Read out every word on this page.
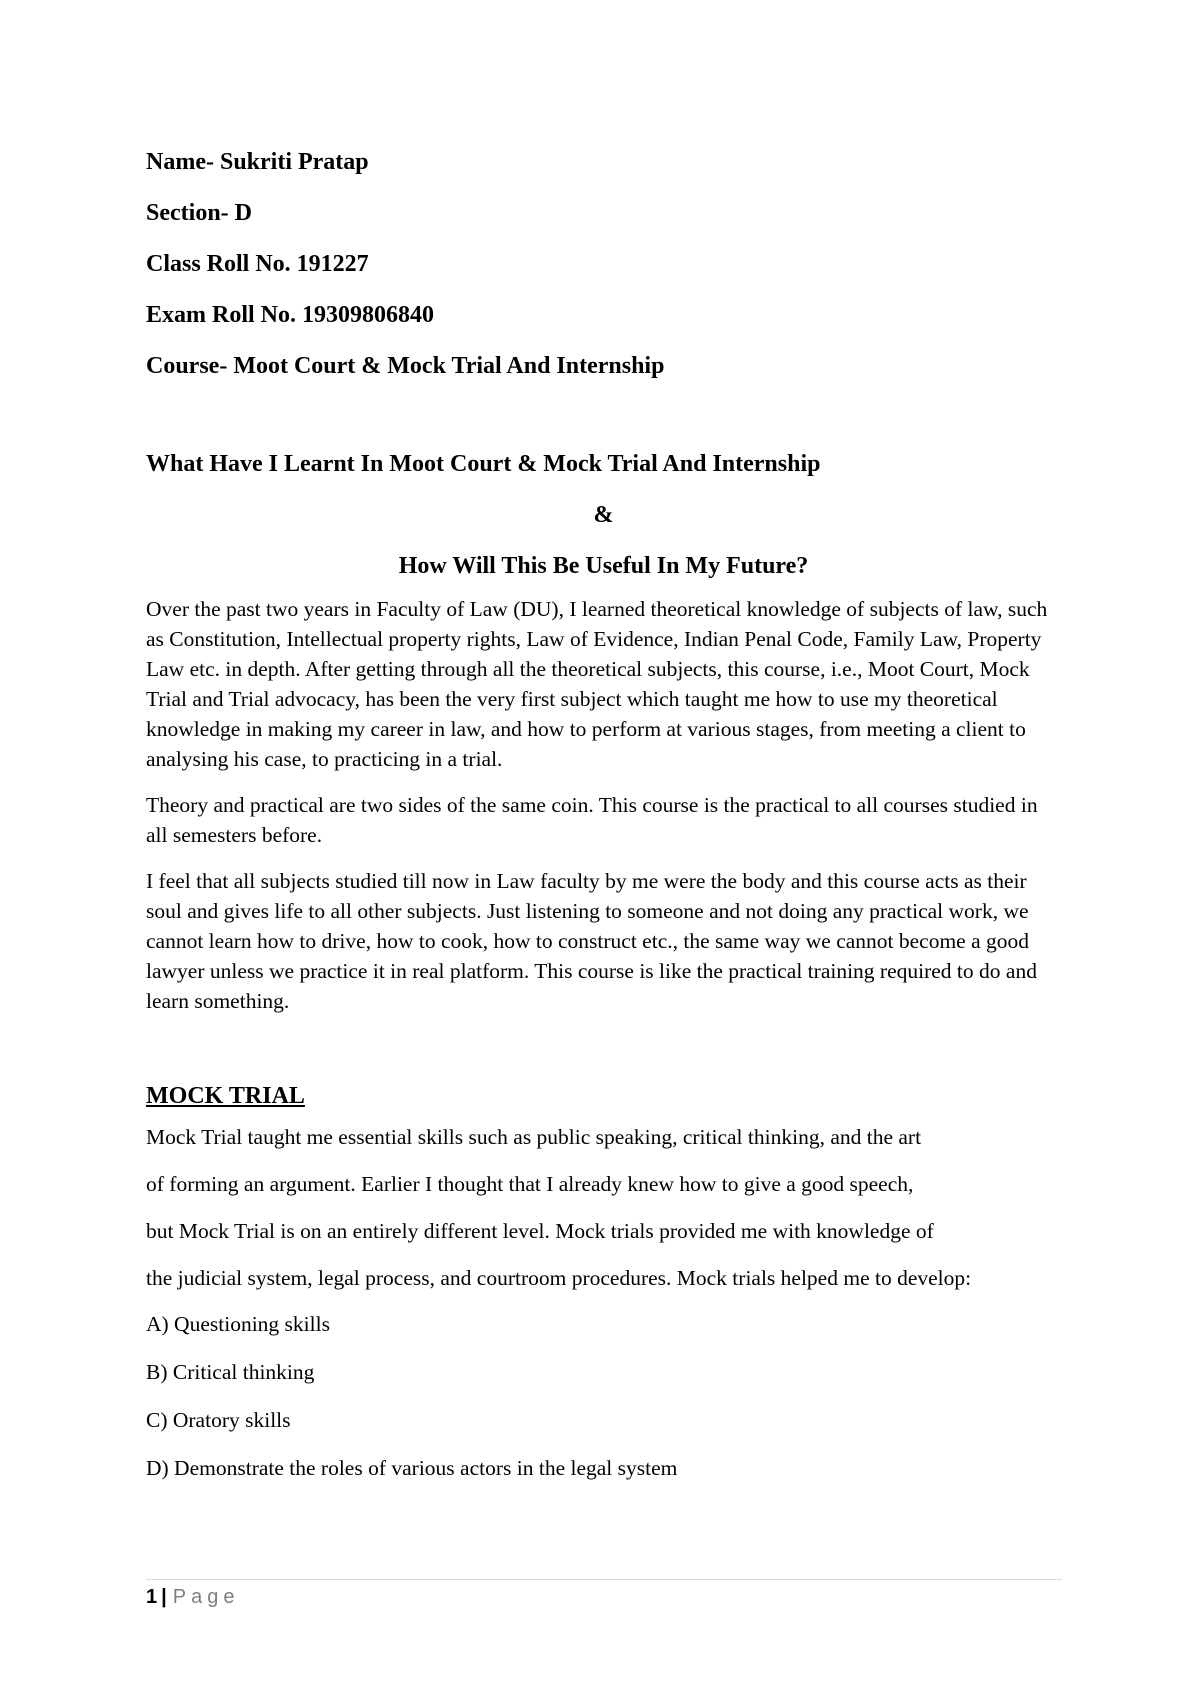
Name- Sukriti Pratap
Section- D
Class Roll No. 191227
Exam Roll No. 19309806840
Course- Moot Court & Mock Trial And Internship
What Have I Learnt In Moot Court & Mock Trial And Internship
&
How Will This Be Useful In My Future?

Over the past two years in Faculty of Law (DU), I learned theoretical knowledge of subjects of law, such as Constitution, Intellectual property rights, Law of Evidence, Indian Penal Code, Family Law, Property Law etc. in depth. After getting through all the theoretical subjects, this course, i.e., Moot Court, Mock Trial and Trial advocacy, has been the very first subject which taught me how to use my theoretical knowledge in making my career in law, and how to perform at various stages, from meeting a client to analysing his case, to practicing in a trial.

Theory and practical are two sides of the same coin. This course is the practical to all courses studied in all semesters before.

I feel that all subjects studied till now in Law faculty by me were the body and this course acts as their soul and gives life to all other subjects. Just listening to someone and not doing any practical work, we cannot learn how to drive, how to cook, how to construct etc., the same way we cannot become a good lawyer unless we practice it in real platform. This course is like the practical training required to do and learn something.

MOCK TRIAL
Mock Trial taught me essential skills such as public speaking, critical thinking, and the art
of forming an argument. Earlier I thought that I already knew how to give a good speech,
but Mock Trial is on an entirely different level. Mock trials provided me with knowledge of
the judicial system, legal process, and courtroom procedures. Mock trials helped me to develop:
A) Questioning skills
B) Critical thinking
C) Oratory skills
D) Demonstrate the roles of various actors in the legal system
1 | Page
